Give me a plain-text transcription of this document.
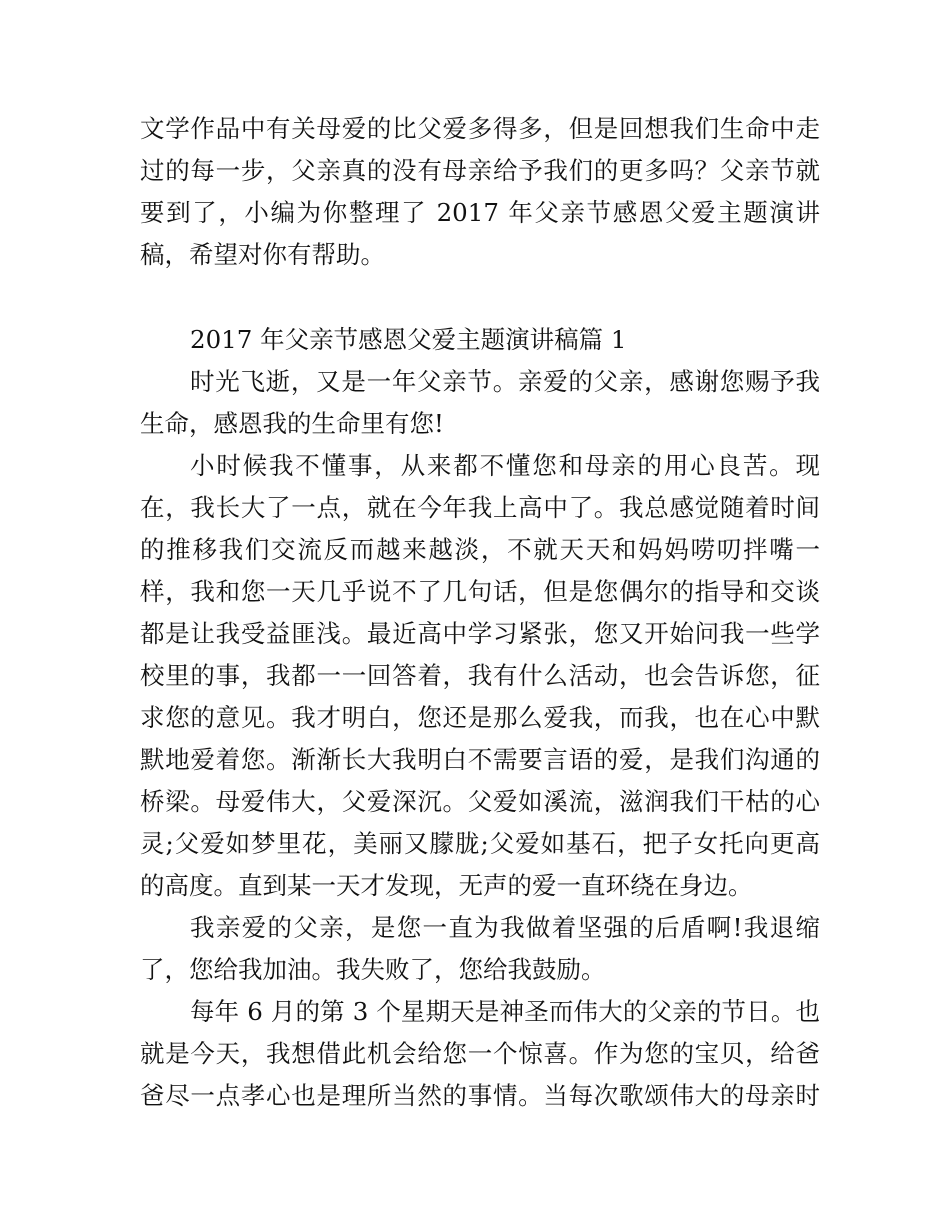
文学作品中有关母爱的比父爱多得多，但是回想我们生命中走
过的每一步，父亲真的没有母亲给予我们的更多吗？父亲节就
要到了，小编为你整理了 2017 年父亲节感恩父爱主题演讲
稿，希望对你有帮助。
2017 年父亲节感恩父爱主题演讲稿篇 1
时光飞逝，又是一年父亲节。亲爱的父亲，感谢您赐予我
生命，感恩我的生命里有您!
小时候我不懂事，从来都不懂您和母亲的用心良苦。现
在，我长大了一点，就在今年我上高中了。我总感觉随着时间
的推移我们交流反而越来越淡，不就天天和妈妈唠叨拌嘴一
样，我和您一天几乎说不了几句话，但是您偶尔的指导和交谈
都是让我受益匪浅。最近高中学习紧张，您又开始问我一些学
校里的事，我都一一回答着，我有什么活动，也会告诉您，征
求您的意见。我才明白，您还是那么爱我，而我，也在心中默
默地爱着您。渐渐长大我明白不需要言语的爱，是我们沟通的
桥梁。母爱伟大，父爱深沉。父爱如溪流，滋润我们干枯的心
灵;父爱如梦里花，美丽又朦胧;父爱如基石，把子女托向更高
的高度。直到某一天才发现，无声的爱一直环绕在身边。
我亲爱的父亲，是您一直为我做着坚强的后盾啊!我退缩
了，您给我加油。我失败了，您给我鼓励。
每年 6 月的第 3 个星期天是神圣而伟大的父亲的节日。也
就是今天，我想借此机会给您一个惊喜。作为您的宝贝，给爸
爸尽一点孝心也是理所当然的事情。当每次歌颂伟大的母亲时
